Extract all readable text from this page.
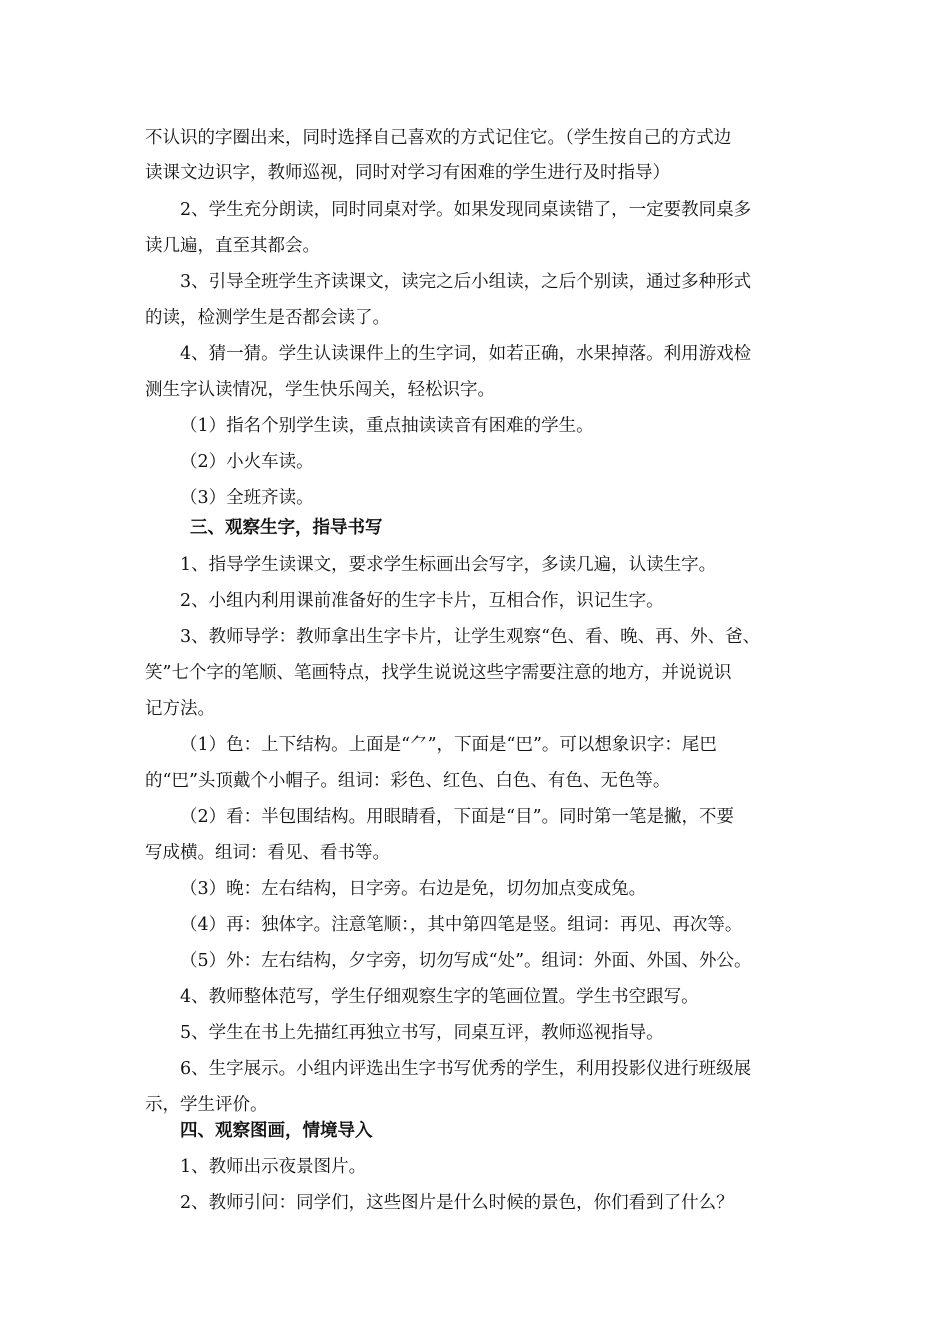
不认识的字圈出来，同时选择自己喜欢的方式记住它。（学生按自己的方式边
读课文边识字，教师巡视，同时对学习有困难的学生进行及时指导）
2、学生充分朗读，同时同桌对学。如果发现同桌读错了，一定要教同桌多
读几遍，直至其都会。
3、引导全班学生齐读课文，读完之后小组读，之后个别读，通过多种形式
的读，检测学生是否都会读了。
4、猜一猜。学生认读课件上的生字词，如若正确，水果掉落。利用游戏检
测生字认读情况，学生快乐闯关，轻松识字。
（1）指名个别学生读，重点抽读读音有困难的学生。
（2）小火车读。
（3）全班齐读。
三、观察生字，指导书写
1、指导学生读课文，要求学生标画出会写字，多读几遍，认读生字。
2、小组内利用课前准备好的生字卡片，互相合作，识记生字。
3、教师导学：教师拿出生字卡片，让学生观察“色、看、晚、再、外、爸、
笑”七个字的笔顺、笔画特点，找学生说说这些字需要注意的地方，并说说识
记方法。
（1）色：上下结构。上面是“⺈”，下面是“巴”。可以想象识字：尾巴
的“巴”头顶戴个小帽子。组词：彩色、红色、白色、有色、无色等。
（2）看：半包围结构。用眼睛看，下面是“目”。同时第一笔是撇，不要
写成横。组词：看见、看书等。
（3）晚：左右结构，日字旁。右边是免，切勿加点变成兔。
（4）再：独体字。注意笔顺：，其中第四笔是竖。组词：再见、再次等。
（5）外：左右结构，夕字旁，切勿写成“处”。组词：外面、外国、外公。
4、教师整体范写，学生仔细观察生字的笔画位置。学生书空跟写。
5、学生在书上先描红再独立书写，同桌互评，教师巡视指导。
6、生字展示。小组内评选出生字书写优秀的学生，利用投影仪进行班级展
示，学生评价。
四、观察图画，情境导入
1、教师出示夜景图片。
2、教师引问：同学们，这些图片是什么时候的景色，你们看到了什么？
